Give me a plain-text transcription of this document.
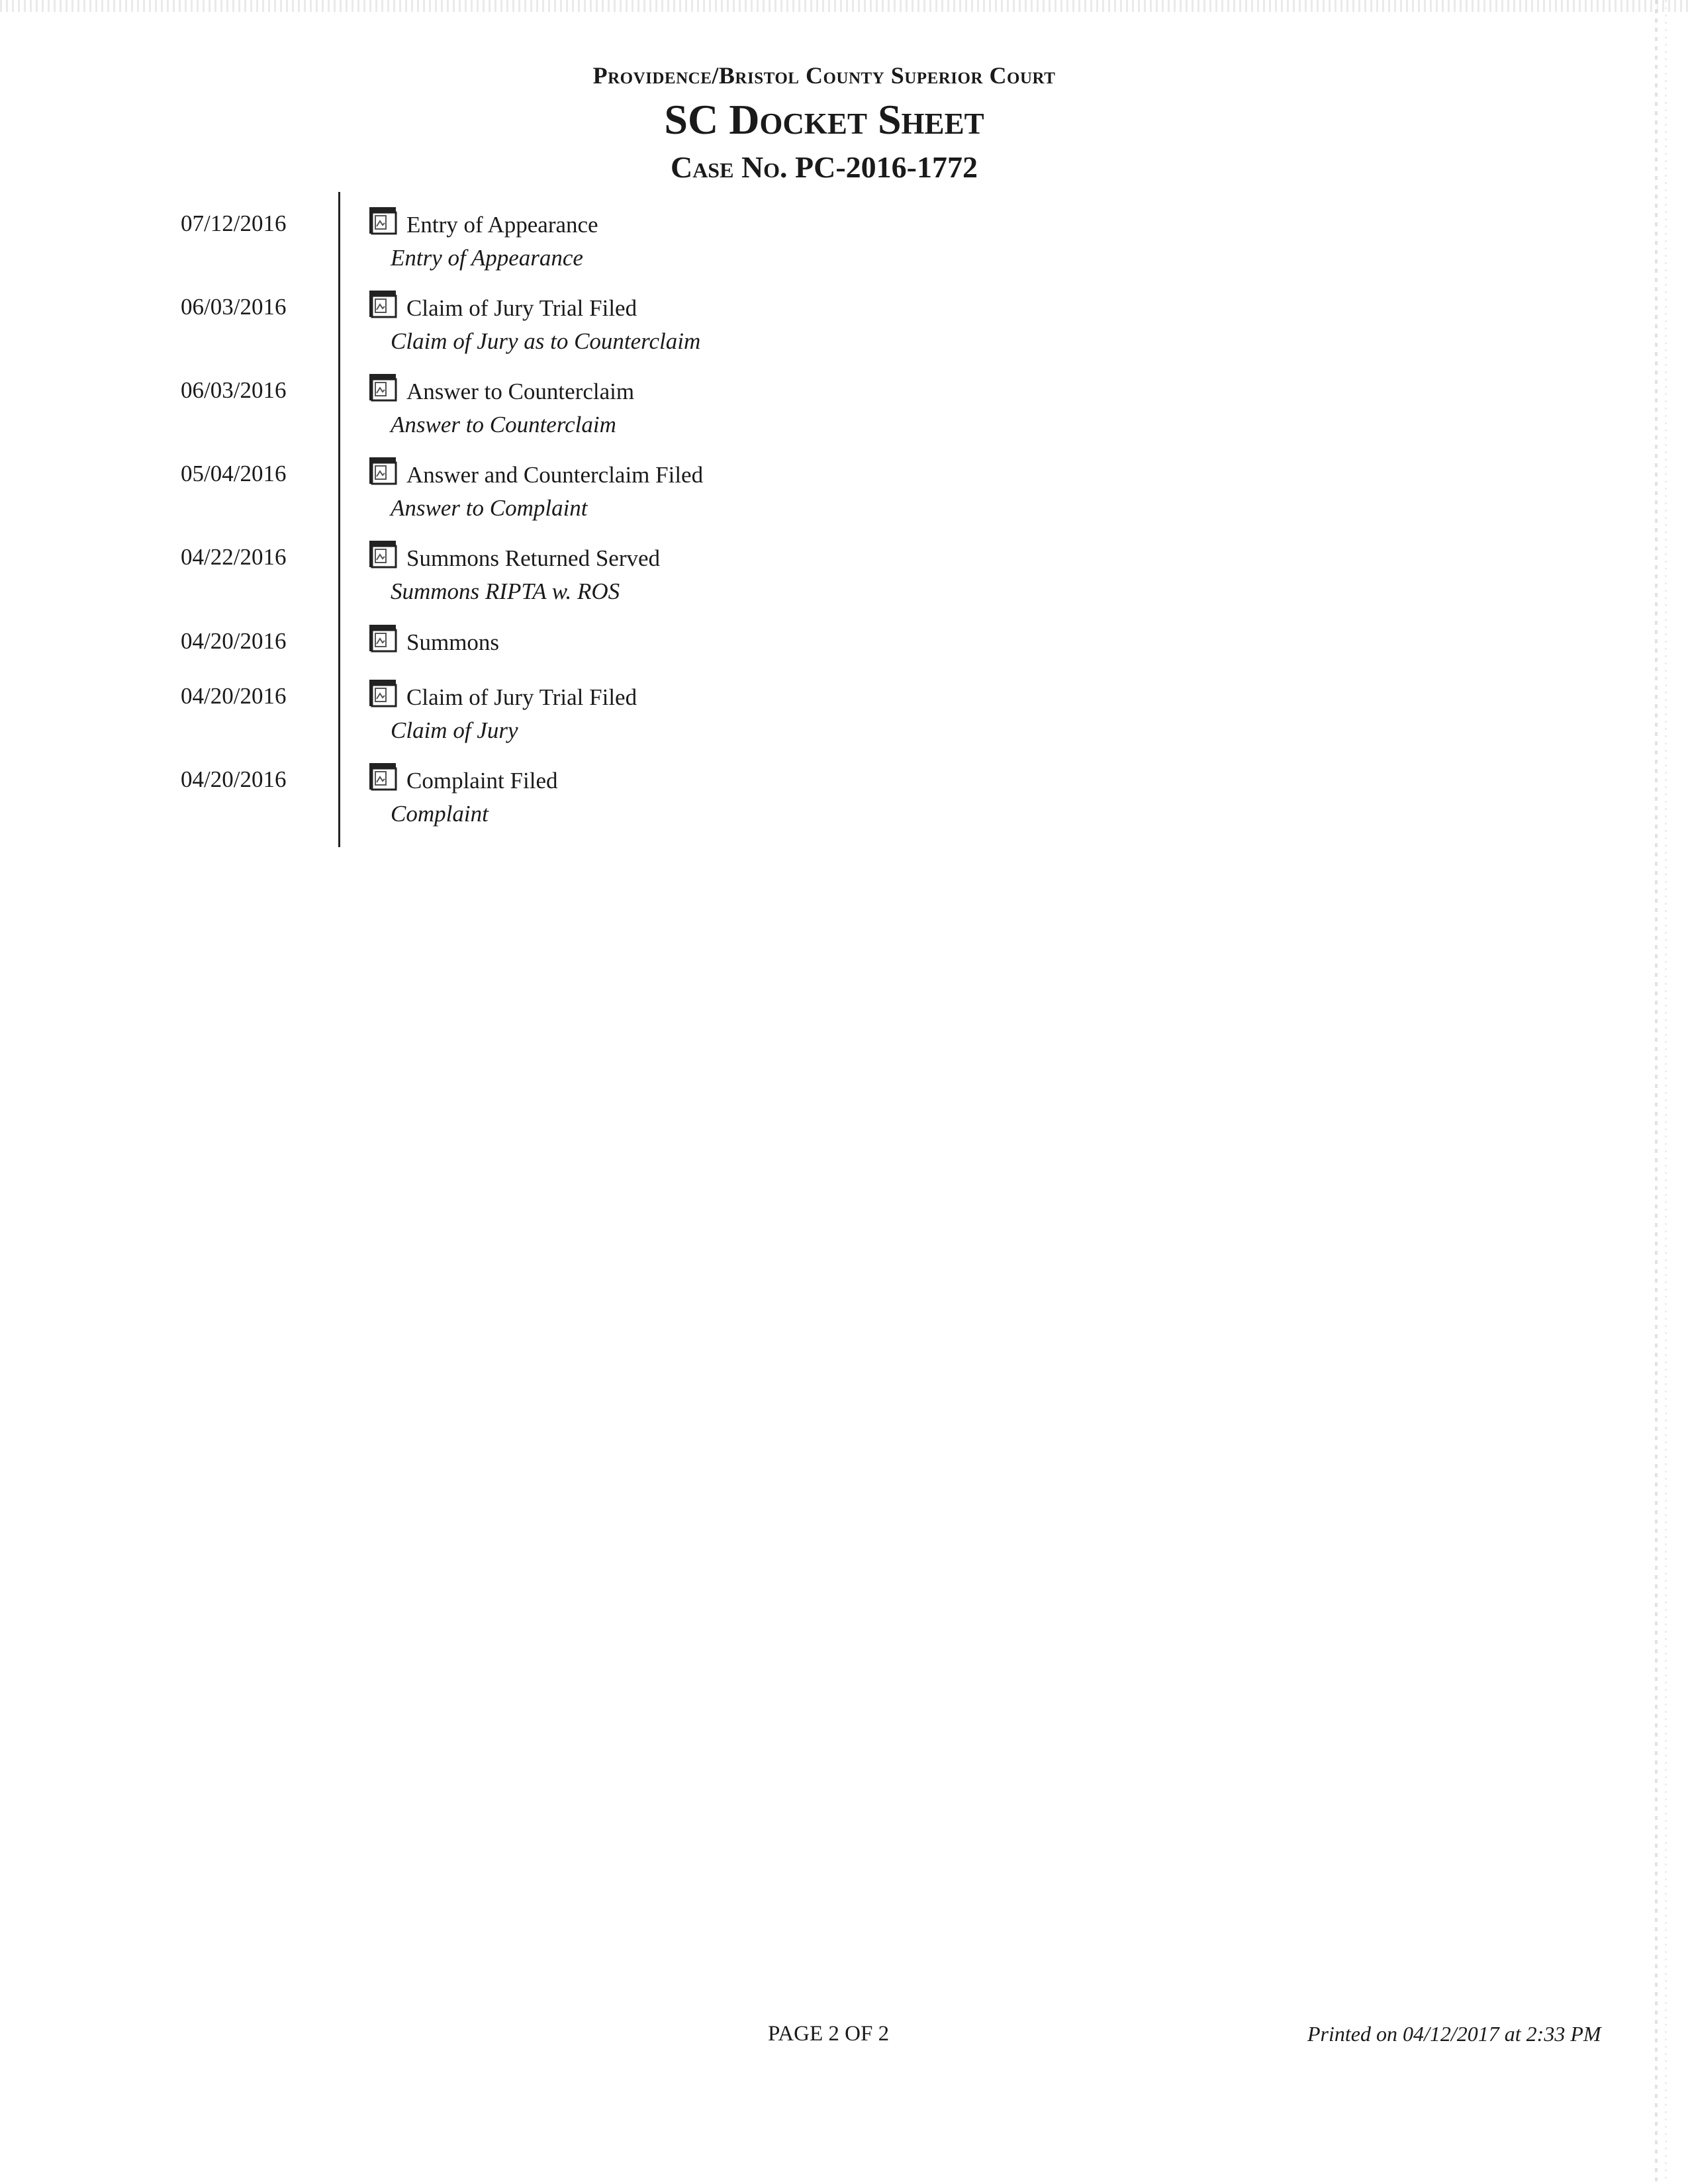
Providence/Bristol County Superior Court
SC Docket Sheet
Case No. PC-2016-1772
07/12/2016	Entry of Appearance
Entry of Appearance
06/03/2016	Claim of Jury Trial Filed
Claim of Jury as to Counterclaim
06/03/2016	Answer to Counterclaim
Answer to Counterclaim
05/04/2016	Answer and Counterclaim Filed
Answer to Complaint
04/22/2016	Summons Returned Served
Summons RIPTA w. ROS
04/20/2016	Summons
04/20/2016	Claim of Jury Trial Filed
Claim of Jury
04/20/2016	Complaint Filed
Complaint
PAGE 2 OF 2	Printed on 04/12/2017 at 2:33 PM
